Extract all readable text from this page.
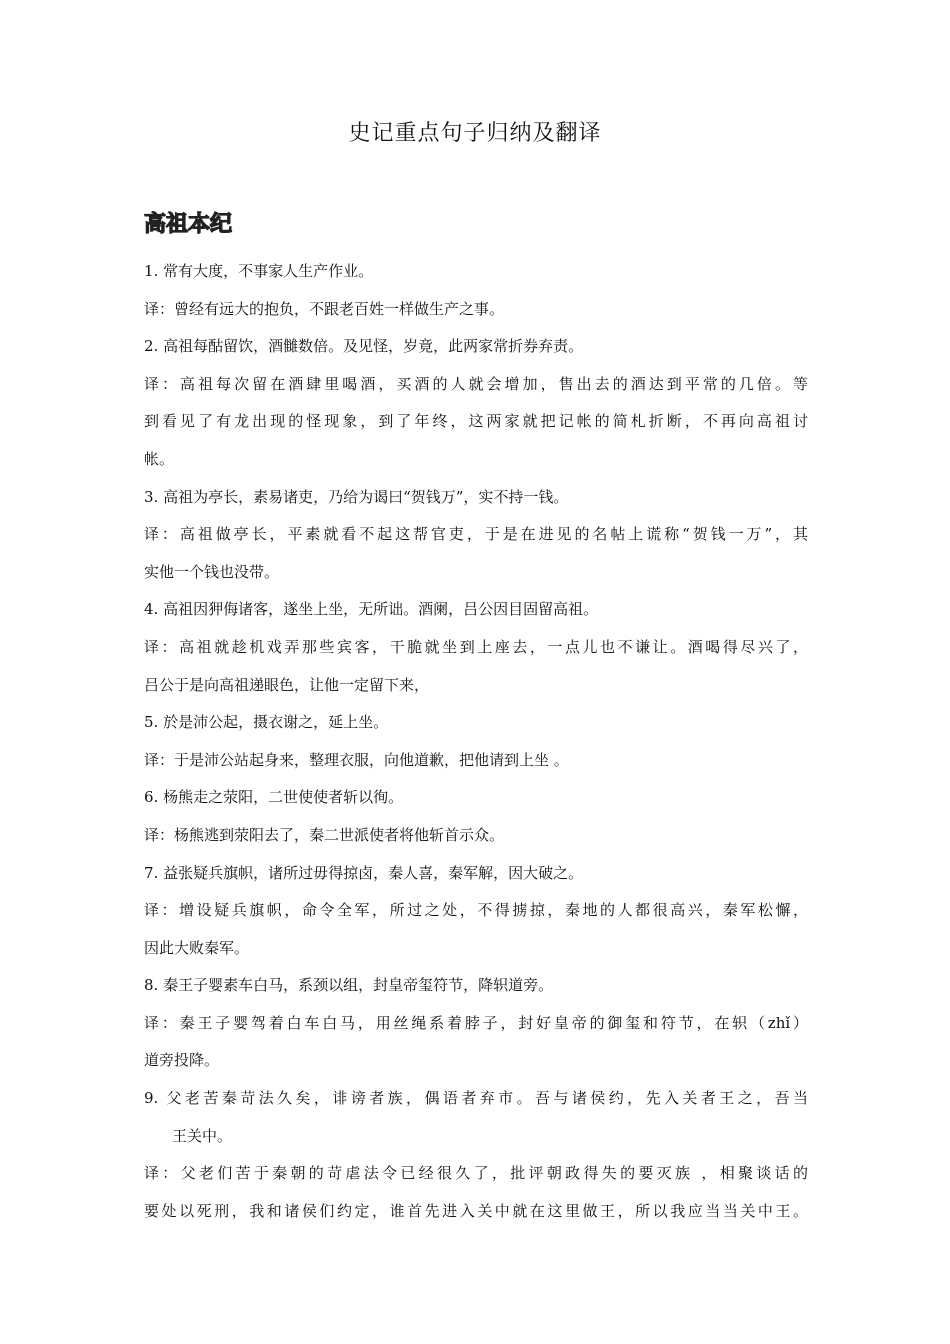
史记重点句子归纳及翻译
高祖本纪
1. 常有大度，不事家人生产作业。
译：曾经有远大的抱负，不跟老百姓一样做生产之事。
2. 高祖每酤留饮，酒雠数倍。及见怪，岁竟，此两家常折券弃责。
译：高祖每次留在酒肆里喝酒，买酒的人就会增加，售出去的酒达到平常的几倍。等
到看见了有龙出现的怪现象，到了年终，这两家就把记帐的简札折断，不再向高祖讨
帐。
3. 高祖为亭长，素易诸吏，乃给为谒曰“贺钱万”，实不持一钱。
译：高祖做亭长，平素就看不起这帮官吏，于是在进见的名帖上谎称“贺钱一万”，其
实他一个钱也没带。
4. 高祖因狎侮诸客，遂坐上坐，无所诎。酒阑，吕公因目固留高祖。
译：高祖就趁机戏弄那些宾客，干脆就坐到上座去，一点儿也不谦让。酒喝得尽兴了，
吕公于是向高祖递眼色，让他一定留下来，
5. 於是沛公起，摄衣谢之，延上坐。
译：于是沛公站起身来，整理衣服，向他道歉，把他请到上坐 。
6. 杨熊走之荥阳，二世使使者斩以徇。
译：杨熊逃到荥阳去了，秦二世派使者将他斩首示众。
7. 益张疑兵旗帜，诸所过毋得掠卤，秦人喜，秦军解，因大破之。
译：增设疑兵旗帜，命令全军，所过之处，不得掳掠，秦地的人都很高兴，秦军松懈，
因此大败秦军。
8. 秦王子婴素车白马，系颈以组，封皇帝玺符节，降轵道旁。
译：秦王子婴驾着白车白马，用丝绳系着脖子，封好皇帝的御玺和符节，在轵（zhǐ）
道旁投降。
9. 父老苦秦苛法久矣，诽谤者族，偶语者弃市。吾与诸侯约，先入关者王之，吾当
王关中。
译：父老们苦于秦朝的苛虐法令已经很久了，批评朝政得失的要灭族 ，相聚谈话的
要处以死刑，我和诸侯们约定，谁首先进入关中就在这里做王，所以我应当当关中王。
